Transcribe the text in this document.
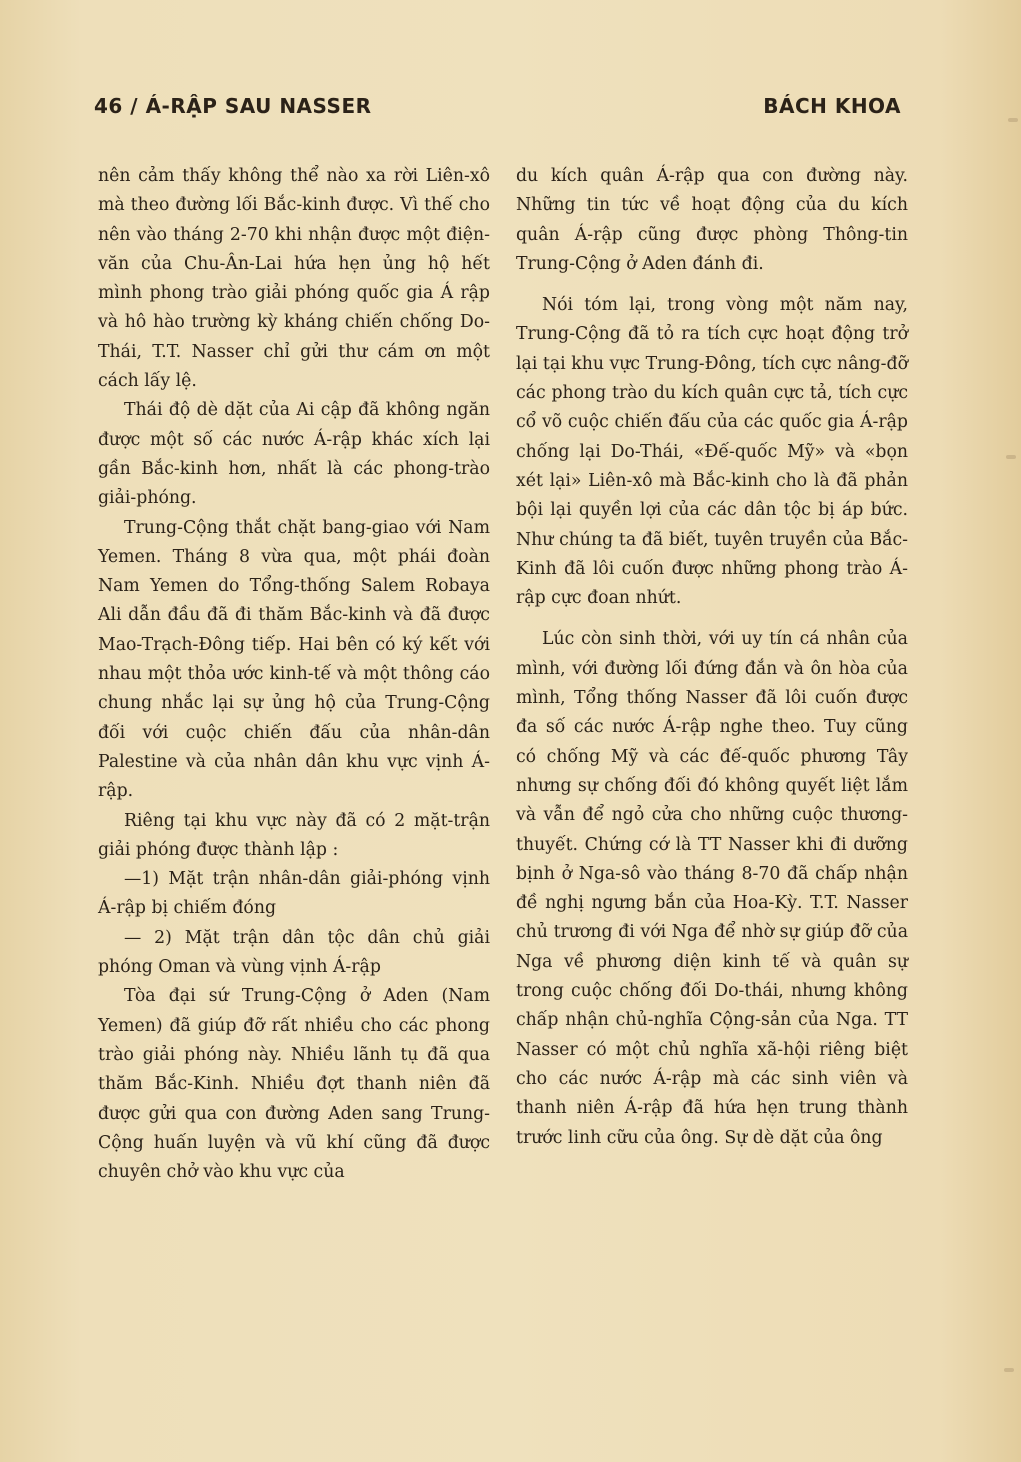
46 / Á-RẬP SAU NASSER	BÁCH KHOA

nên cảm thấy không thể nào xa rời Liên-xô mà theo đường lối Bắc-kinh được. Vì thế cho nên vào tháng 2-70 khi nhận được một điện-văn của Chu-Ân-Lai hứa hẹn ủng hộ hết mình phong trào giải phóng quốc gia Á rập và hô hào trường kỳ kháng chiến chống Do-Thái, T.T. Nasser chỉ gửi thư cám ơn một cách lấy lệ.

Thái độ dè dặt của Ai cập đã không ngăn được một số các nước Á-rập khác xích lại gần Bắc-kinh hơn, nhất là các phong-trào giải-phóng.

Trung-Cộng thắt chặt bang-giao với Nam Yemen. Tháng 8 vừa qua, một phái đoàn Nam Yemen do Tổng-thống Salem Robaya Ali dẫn đầu đã đi thăm Bắc-kinh và đã được Mao-Trạch-Đông tiếp. Hai bên có ký kết với nhau một thỏa ước kinh-tế và một thông cáo chung nhắc lại sự ủng hộ của Trung-Cộng đối với cuộc chiến đấu của nhân-dân Palestine và của nhân dân khu vực vịnh Á-rập.

Riêng tại khu vực này đã có 2 mặt-trận giải phóng được thành lập :

—1) Mặt trận nhân-dân giải-phóng vịnh Á-rập bị chiếm đóng

— 2) Mặt trận dân tộc dân chủ giải phóng Oman và vùng vịnh Á-rập

Tòa đại sứ Trung-Cộng ở Aden (Nam Yemen) đã giúp đỡ rất nhiều cho các phong trào giải phóng này. Nhiều lãnh tụ đã qua thăm Bắc-Kinh. Nhiều đợt thanh niên đã được gửi qua con đường Aden sang Trung-Cộng huấn luyện và vũ khí cũng đã được chuyên chở vào khu vực của

du kích quân Á-rập qua con đường này. Những tin tức về hoạt động của du kích quân Á-rập cũng được phòng Thông-tin Trung-Cộng ở Aden đánh đi.

Nói tóm lại, trong vòng một năm nay, Trung-Cộng đã tỏ ra tích cực hoạt động trở lại tại khu vực Trung-Đông, tích cực nâng-đỡ các phong trào du kích quân cực tả, tích cực cổ võ cuộc chiến đấu của các quốc gia Á-rập chống lại Do-Thái, «Đế-quốc Mỹ» và «bọn xét lại» Liên-xô mà Bắc-kinh cho là đã phản bội lại quyền lợi của các dân tộc bị áp bức. Như chúng ta đã biết, tuyên truyền của Bắc-Kinh đã lôi cuốn được những phong trào Á-rập cực đoan nhứt.

Lúc còn sinh thời, với uy tín cá nhân của mình, với đường lối đứng đắn và ôn hòa của mình, Tổng thống Nasser đã lôi cuốn được đa số các nước Á-rập nghe theo. Tuy cũng có chống Mỹ và các đế-quốc phương Tây nhưng sự chống đối đó không quyết liệt lắm và vẫn để ngỏ cửa cho những cuộc thương-thuyết. Chứng cớ là TT Nasser khi đi dưỡng bịnh ở Nga-sô vào tháng 8-70 đã chấp nhận đề nghị ngưng bắn của Hoa-Kỳ. T.T. Nasser chủ trương đi với Nga để nhờ sự giúp đỡ của Nga về phương diện kinh tế và quân sự trong cuộc chống đối Do-thái, nhưng không chấp nhận chủ-nghĩa Cộng-sản của Nga. TT Nasser có một chủ nghĩa xã-hội riêng biệt cho các nước Á-rập mà các sinh viên và thanh niên Á-rập đã hứa hẹn trung thành trước linh cữu của ông. Sự dè dặt của ông
